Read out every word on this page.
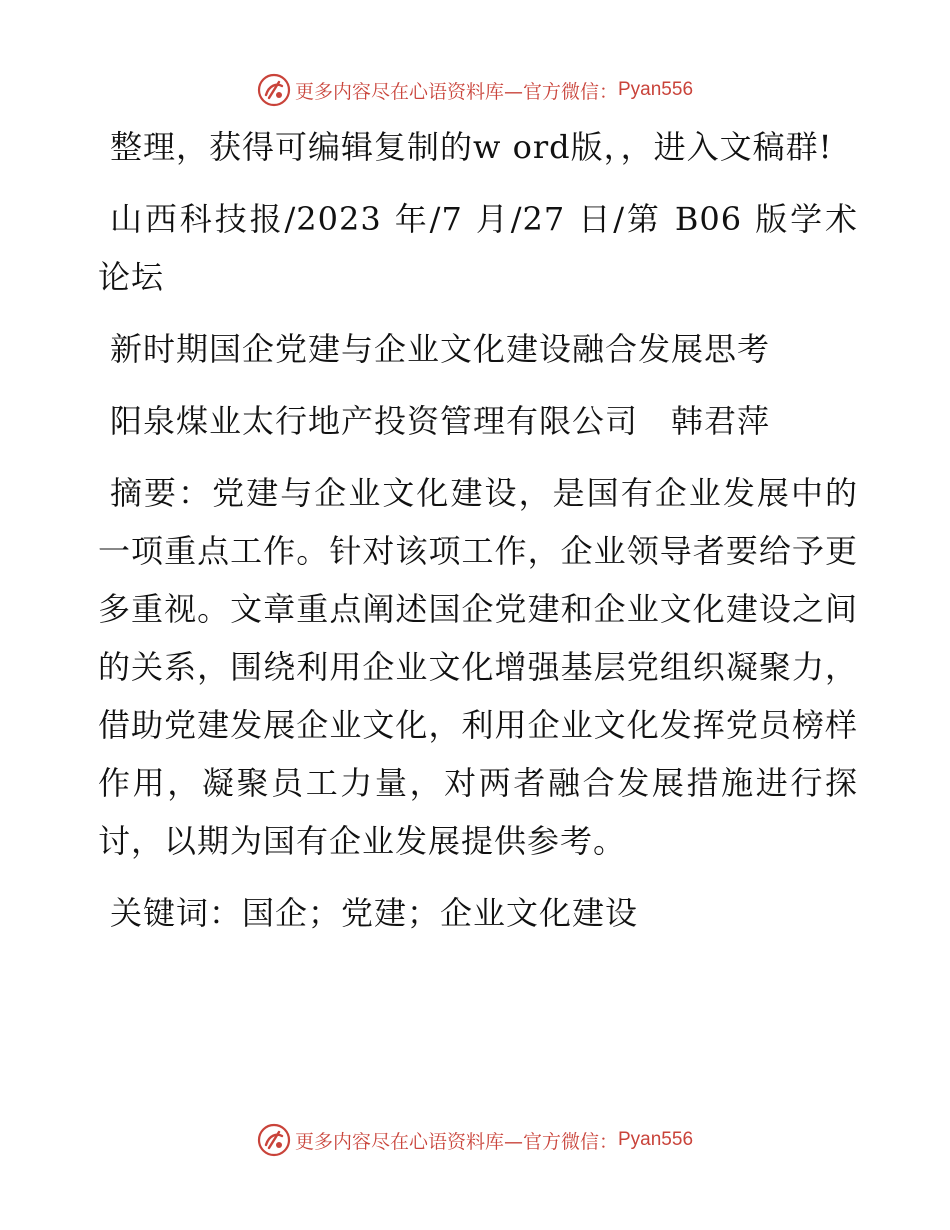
更多内容尽在心语资料库—官方微信： Pyan556

整理，获得可编辑复制的w ord版，，进入文稿群!

山西科技报/2023 年/7 月/27 日/第 B06 版学术论坛

新时期国企党建与企业文化建设融合发展思考

阳泉煤业太行地产投资管理有限公司　韩君萍

摘要：党建与企业文化建设，是国有企业发展中的一项重点工作。针对该项工作，企业领导者要给予更多重视。文章重点阐述国企党建和企业文化建设之间的关系，围绕利用企业文化增强基层党组织凝聚力，借助党建发展企业文化，利用企业文化发挥党员榜样作用，凝聚员工力量，对两者融合发展措施进行探讨，以期为国有企业发展提供参考。

关键词：国企；党建；企业文化建设

更多内容尽在心语资料库—官方微信： Pyan556
